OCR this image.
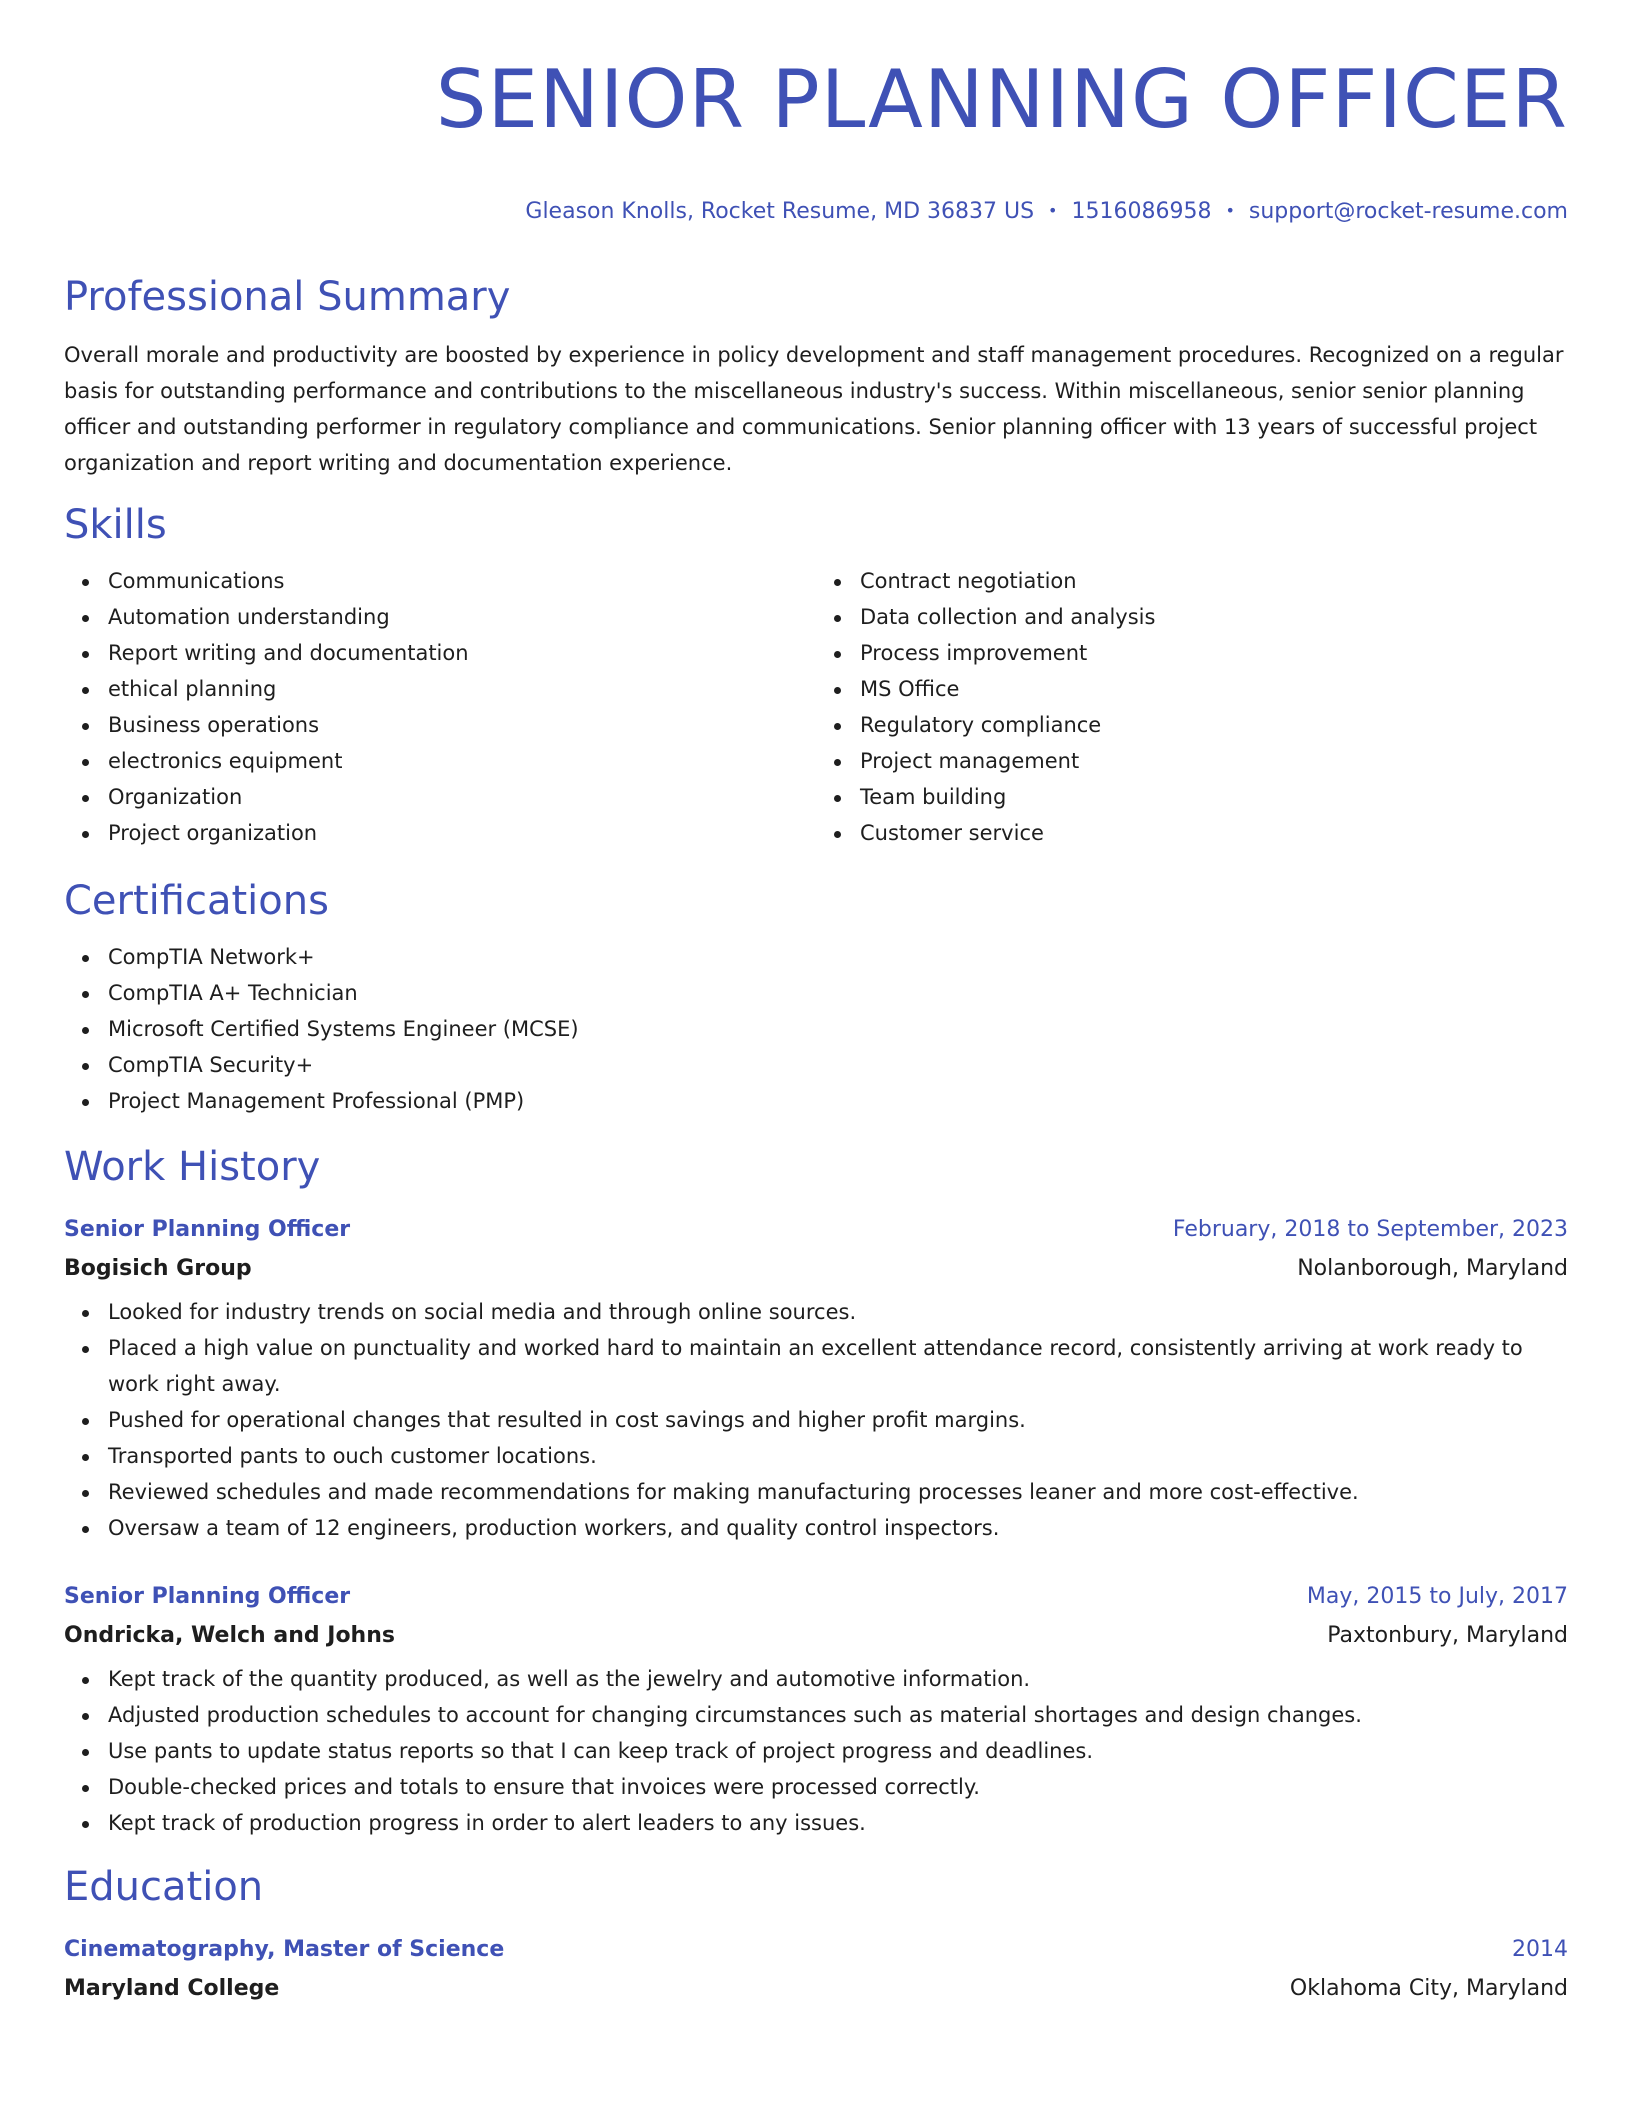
SENIOR PLANNING OFFICER
Gleason Knolls, Rocket Resume, MD 36837 US • 1516086958 • support@rocket-resume.com
Professional Summary
Overall morale and productivity are boosted by experience in policy development and staff management procedures. Recognized on a regular basis for outstanding performance and contributions to the miscellaneous industry's success. Within miscellaneous, senior senior planning officer and outstanding performer in regulatory compliance and communications. Senior planning officer with 13 years of successful project organization and report writing and documentation experience.
Skills
Communications
Automation understanding
Report writing and documentation
ethical planning
Business operations
electronics equipment
Organization
Project organization
Contract negotiation
Data collection and analysis
Process improvement
MS Office
Regulatory compliance
Project management
Team building
Customer service
Certifications
CompTIA Network+
CompTIA A+ Technician
Microsoft Certified Systems Engineer (MCSE)
CompTIA Security+
Project Management Professional (PMP)
Work History
Senior Planning Officer	February, 2018 to September, 2023
Bogisich Group	Nolanborough, Maryland
Looked for industry trends on social media and through online sources.
Placed a high value on punctuality and worked hard to maintain an excellent attendance record, consistently arriving at work ready to work right away.
Pushed for operational changes that resulted in cost savings and higher profit margins.
Transported pants to ouch customer locations.
Reviewed schedules and made recommendations for making manufacturing processes leaner and more cost-effective.
Oversaw a team of 12 engineers, production workers, and quality control inspectors.
Senior Planning Officer	May, 2015 to July, 2017
Ondricka, Welch and Johns	Paxtonbury, Maryland
Kept track of the quantity produced, as well as the jewelry and automotive information.
Adjusted production schedules to account for changing circumstances such as material shortages and design changes.
Use pants to update status reports so that I can keep track of project progress and deadlines.
Double-checked prices and totals to ensure that invoices were processed correctly.
Kept track of production progress in order to alert leaders to any issues.
Education
Cinematography, Master of Science	2014
Maryland College	Oklahoma City, Maryland
